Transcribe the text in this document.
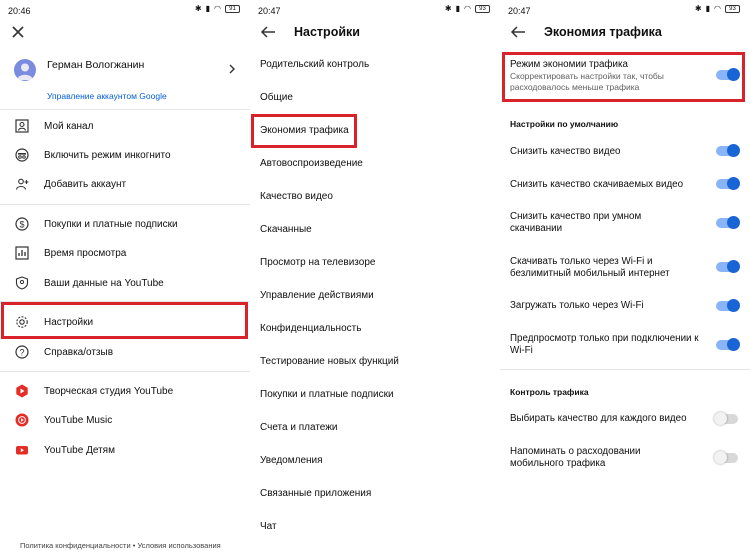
20:46	✱ ▮ ◠	91
Герман Вологжанин
Управление аккаунтом Google
Мой канал
Включить режим инкогнито
Добавить аккаунт
$ Покупки и платные подписки
Время просмотра
Ваши данные на YouTube
Настройки
? Справка/отзыв
Творческая студия YouTube
YouTube Music
YouTube Детям
Политика конфиденциальности • Условия использования
20:47	✱ ▮ ◠	93
Настройки
Родительский контроль
Общие
Экономия трафика
Автовоспроизведение
Качество видео
Скачанные
Просмотр на телевизоре
Управление действиями
Конфиденциальность
Тестирование новых функций
Покупки и платные подписки
Счета и платежи
Уведомления
Связанные приложения
Чат
20:47	✱ ▮ ◠	93
Экономия трафика
Режим экономии трафика
Скорректировать настройки так, чтобы расходовалось меньше трафика
Настройки по умолчанию
Снизить качество видео
Снизить качество скачиваемых видео
Снизить качество при умном скачивании
Скачивать только через Wi-Fi и безлимитный мобильный интернет
Загружать только через Wi-Fi
Предпросмотр только при подключении к Wi-Fi
Контроль трафика
Выбирать качество для каждого видео
Напоминать о расходовании мобильного трафика
